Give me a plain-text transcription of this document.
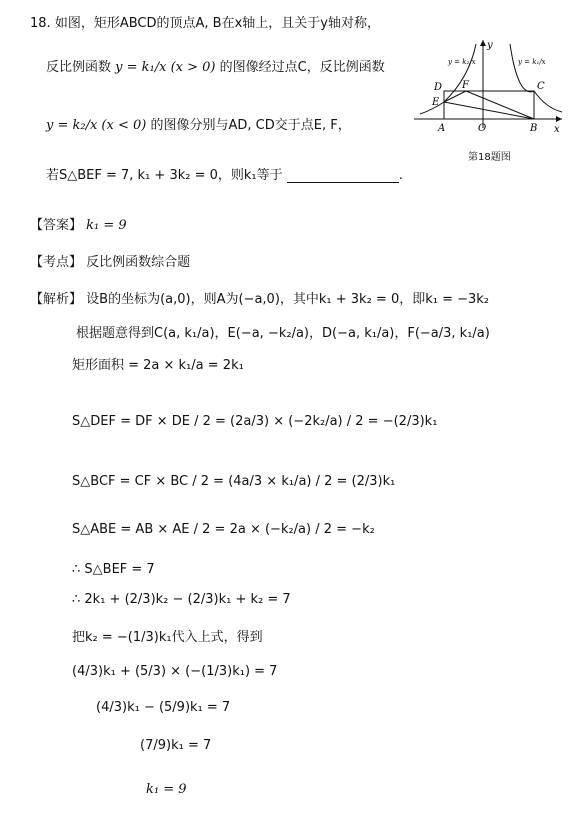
18. 如图，矩形ABCD的顶点A, B在x轴上，且关于y轴对称，
反比例函数 y = k₁/x (x > 0) 的图像经过点C，反比例函数
y = k₂/x (x < 0) 的图像分别与AD, CD交于点E, F，
若S△BEF = 7, k₁ + 3k₂ = 0，则k₁等于	.
y
x
D F	C
E
A	O	B
y = k₂/x	y = k₁/x
第18题图
【答案】 k₁ = 9
【考点】 反比例函数综合题
【解析】 设B的坐标为(a,0)，则A为(−a,0)，其中k₁ + 3k₂ = 0，即k₁ = −3k₂
根据题意得到C(a, k₁/a)，E(−a, −k₂/a)，D(−a, k₁/a)，F(−a/3, k₁/a)
矩形面积 = 2a × k₁/a = 2k₁
S△DEF = DF × DE / 2 = (2a/3) × (−2k₂/a) / 2 = −(2/3)k₁
S△BCF = CF × BC / 2 = (4a/3 × k₁/a) / 2 = (2/3)k₁
S△ABE = AB × AE / 2 = 2a × (−k₂/a) / 2 = −k₂
∴ S△BEF = 7
∴ 2k₁ + (2/3)k₂ − (2/3)k₁ + k₂ = 7
把k₂ = −(1/3)k₁代入上式，得到
(4/3)k₁ + (5/3) × (−(1/3)k₁) = 7
(4/3)k₁ − (5/9)k₁ = 7
(7/9)k₁ = 7
k₁ = 9
